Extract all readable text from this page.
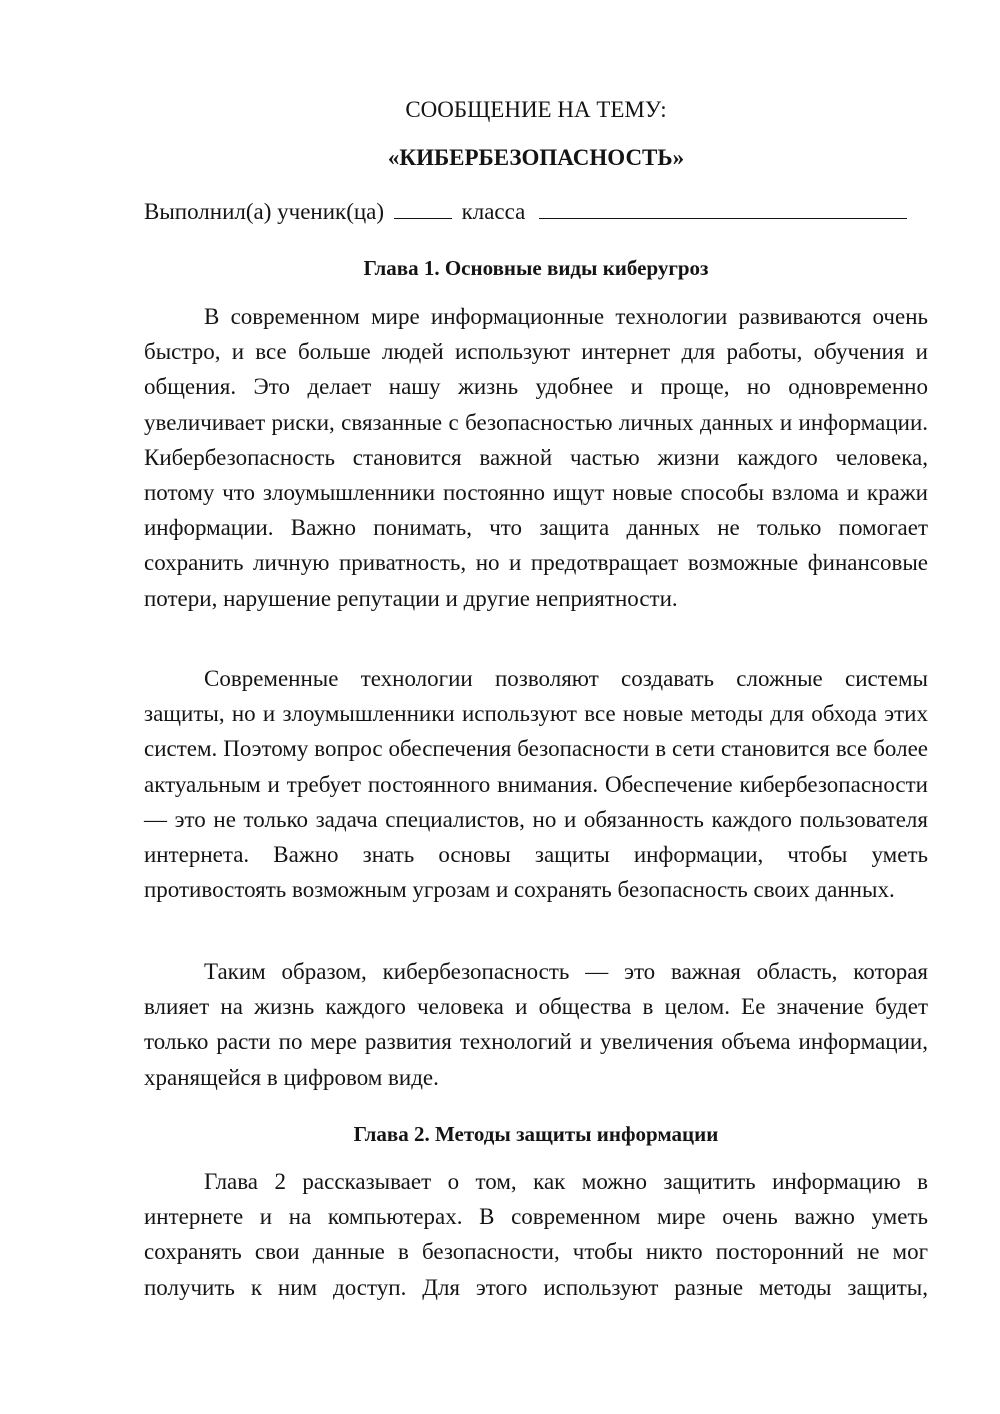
СООБЩЕНИЕ НА ТЕМУ:
«КИБЕРБЕЗОПАСНОСТЬ»
Выполнил(а) ученик(ца)	класса
Глава 1. Основные виды киберугроз

В современном мире информационные технологии развиваются очень быстро, и все больше людей используют интернет для работы, обучения и общения. Это делает нашу жизнь удобнее и проще, но одновременно увеличивает риски, связанные с безопасностью личных данных и информации. Кибербезопасность становится важной частью жизни каждого человека, потому что злоумышленники постоянно ищут новые способы взлома и кражи информации. Важно понимать, что защита данных не только помогает сохранить личную приватность, но и предотвращает возможные финансовые потери, нарушение репутации и другие неприятности.

Современные технологии позволяют создавать сложные системы защиты, но и злоумышленники используют все новые методы для обхода этих систем. Поэтому вопрос обеспечения безопасности в сети становится все более актуальным и требует постоянного внимания. Обеспечение кибербезопасности — это не только задача специалистов, но и обязанность каждого пользователя интернета. Важно знать основы защиты информации, чтобы уметь противостоять возможным угрозам и сохранять безопасность своих данных.

Таким образом, кибербезопасность — это важная область, которая влияет на жизнь каждого человека и общества в целом. Ее значение будет только расти по мере развития технологий и увеличения объема информации, хранящейся в цифровом виде.

Глава 2. Методы защиты информации

Глава 2 рассказывает о том, как можно защитить информацию в интернете и на компьютерах. В современном мире очень важно уметь сохранять свои данные в безопасности, чтобы никто посторонний не мог получить к ним доступ. Для этого используют разные методы защиты,
